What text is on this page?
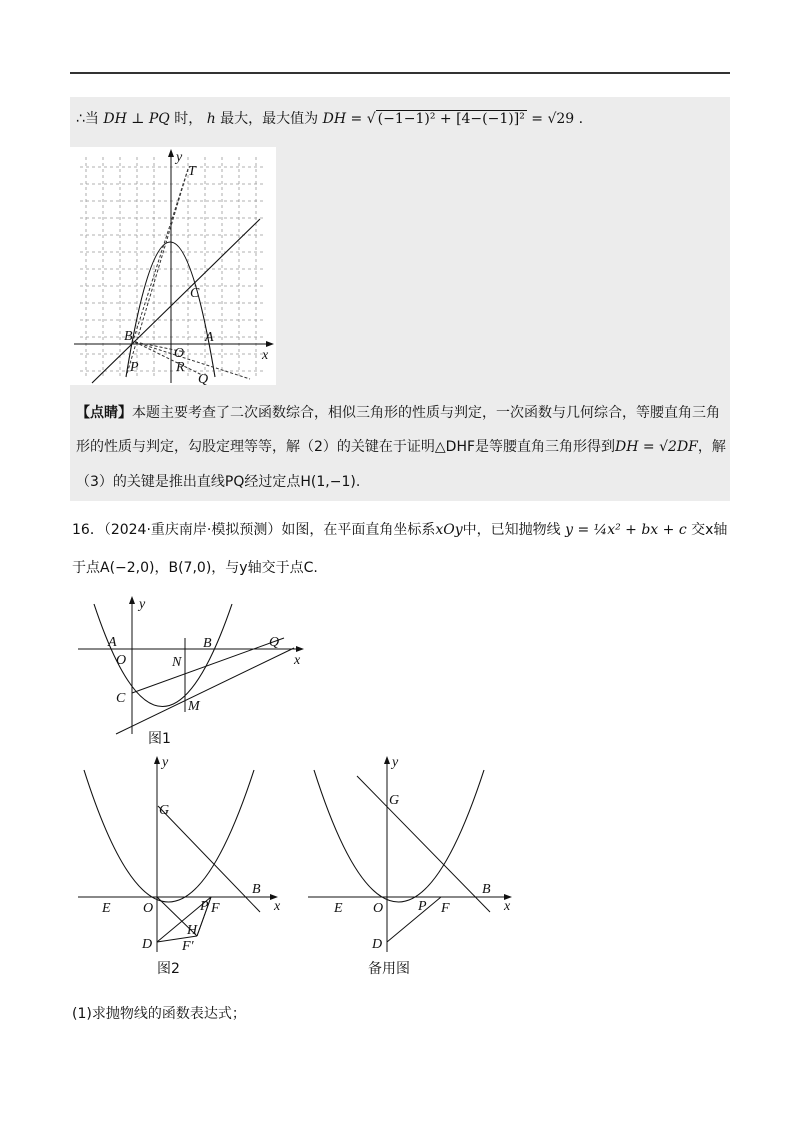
∴当 DH ⊥ PQ 时， h 最大，最大值为 DH = √ (−1−1)² + [4−(−1)]² = √29 .
y
x
T
C
B
O
A
P	R
Q
【点睛】本题主要考查了二次函数综合，相似三角形的性质与判定，一次函数与几何综合，等腰直角三角
形的性质与判定，勾股定理等等，解（2）的关键在于证明△DHF是等腰直角三角形得到DH = √2DF，解
（3）的关键是推出直线PQ经过定点H(1,−1).
16．（2024·重庆南岸·模拟预测）如图，在平面直角坐标系xOy中，已知抛物线 y = ¼x² + bx + c 交x轴
于点A(−2,0)，B(7,0)，与y轴交于点C.
y
x
A
O
B	Q
N
C
M
图1
y
x
G
B
E O	P F
H
D F′
图2
y
x
G
B
E O P F
D
备用图
(1)求抛物线的函数表达式；
